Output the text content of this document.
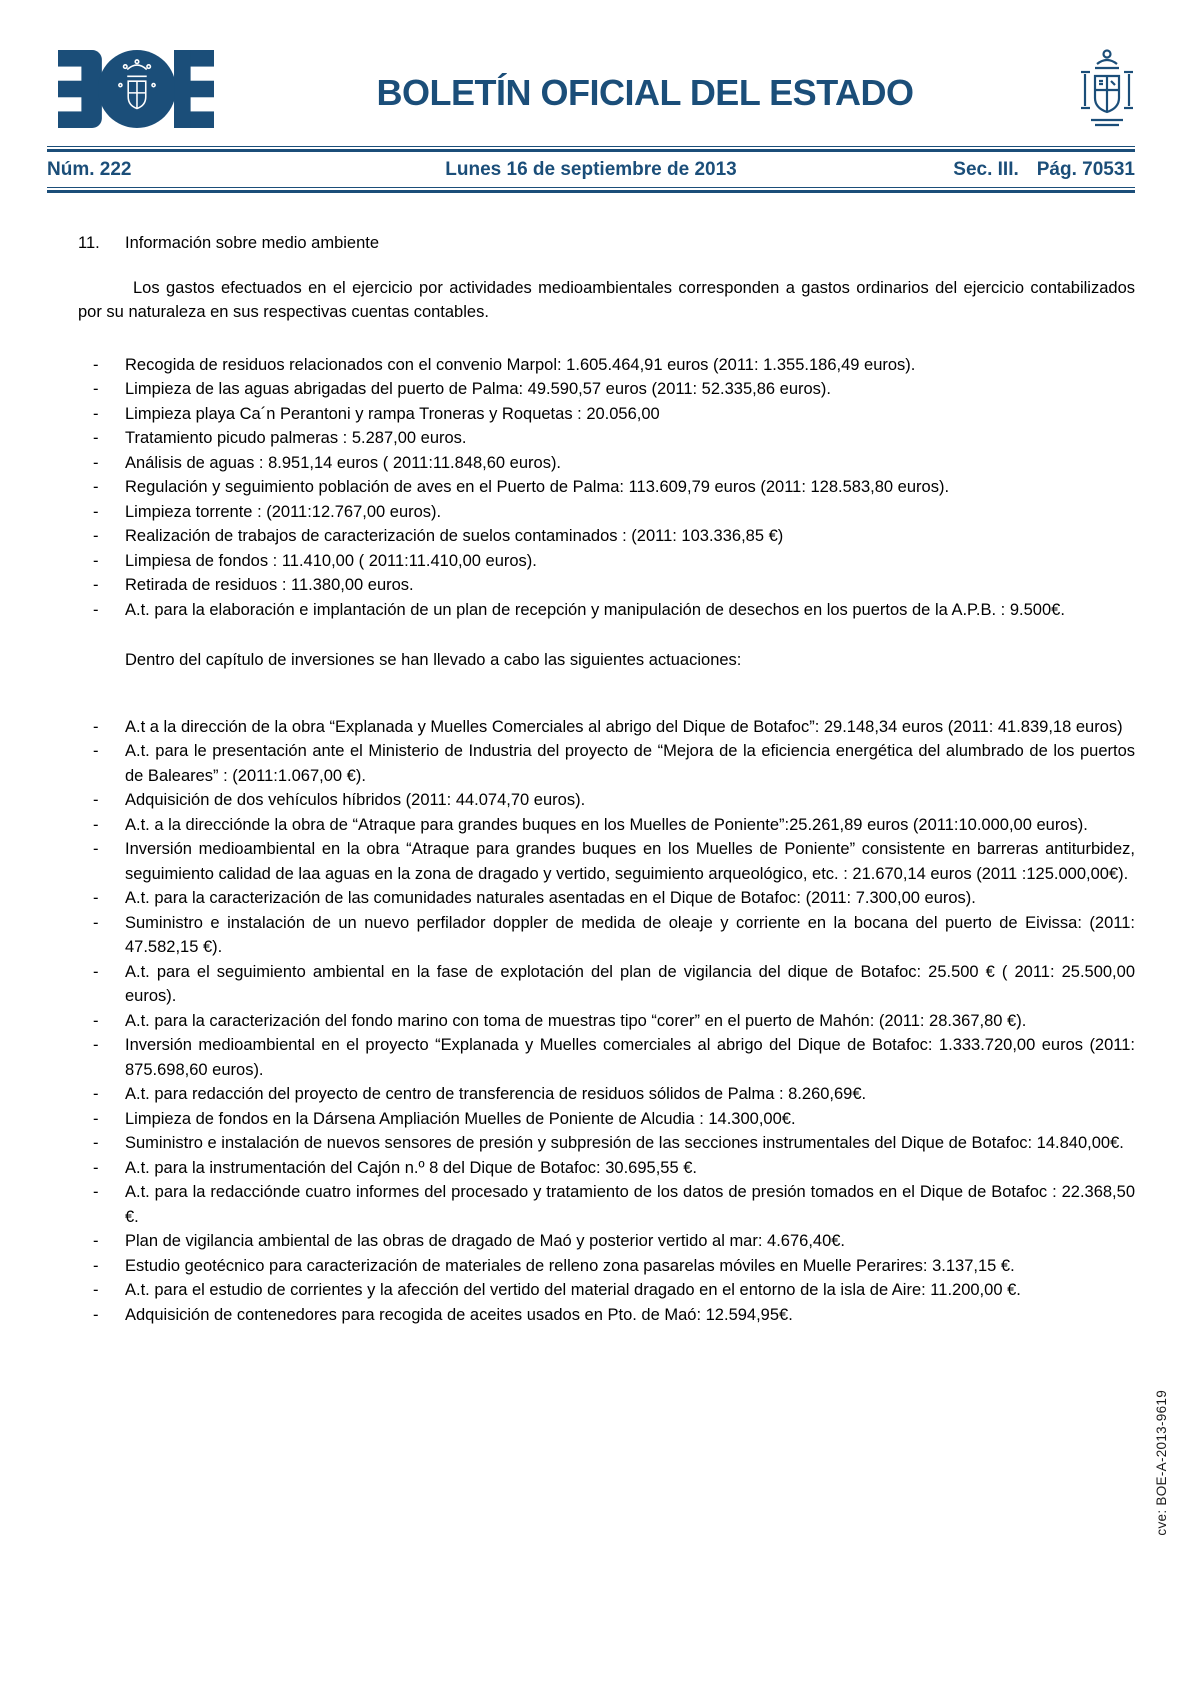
BOLETÍN OFICIAL DEL ESTADO
Núm. 222	Lunes 16 de septiembre de 2013	Sec. III. Pág. 70531
11.	Información sobre medio ambiente
Los gastos efectuados en el ejercicio por actividades medioambientales corresponden a gastos ordinarios del ejercicio contabilizados por su naturaleza en sus respectivas cuentas contables.
-	Recogida de residuos relacionados con el convenio Marpol: 1.605.464,91 euros (2011: 1.355.186,49 euros).
-	Limpieza de las aguas abrigadas del puerto de Palma: 49.590,57 euros (2011: 52.335,86 euros).
-	Limpieza playa Ca´n Perantoni y rampa Troneras y Roquetas : 20.056,00
-	Tratamiento picudo palmeras : 5.287,00 euros.
-	Análisis de aguas : 8.951,14 euros ( 2011:11.848,60 euros).
-	Regulación y seguimiento población de aves en el Puerto de Palma: 113.609,79 euros (2011: 128.583,80 euros).
-	Limpieza torrente : (2011:12.767,00 euros).
-	Realización de trabajos de caracterización de suelos contaminados : (2011: 103.336,85 €)
-	Limpiesa de fondos : 11.410,00 ( 2011:11.410,00 euros).
-	Retirada de residuos : 11.380,00 euros.
-	A.t. para la elaboración e implantación de un plan de recepción y manipulación de desechos en los puertos de la A.P.B. : 9.500€.
Dentro del capítulo de inversiones se han llevado a cabo las siguientes actuaciones:
-	A.t a la dirección de la obra “Explanada y Muelles Comerciales al abrigo del Dique de Botafoc”: 29.148,34 euros (2011: 41.839,18 euros)
-	A.t. para le presentación ante el Ministerio de Industria del proyecto de “Mejora de la eficiencia energética del alumbrado de los puertos de Baleares” : (2011:1.067,00 €).
-	Adquisición de dos vehículos híbridos (2011: 44.074,70 euros).
-	A.t. a la direcciónde la obra de “Atraque para grandes buques en los Muelles de Poniente”:25.261,89 euros (2011:10.000,00 euros).
-	Inversión medioambiental en la obra “Atraque para grandes buques en los Muelles de Poniente” consistente en barreras antiturbidez, seguimiento calidad de laa aguas en la zona de dragado y vertido, seguimiento arqueológico, etc. : 21.670,14 euros (2011 :125.000,00€).
-	A.t. para la caracterización de las comunidades naturales asentadas en el Dique de Botafoc: (2011: 7.300,00 euros).
-	Suministro e instalación de un nuevo perfilador doppler de medida de oleaje y corriente en la bocana del puerto de Eivissa: (2011: 47.582,15 €).
-	A.t. para el seguimiento ambiental en la fase de explotación del plan de vigilancia del dique de Botafoc: 25.500 € ( 2011: 25.500,00 euros).
-	A.t. para la caracterización del fondo marino con toma de muestras tipo “corer” en el puerto de Mahón: (2011: 28.367,80 €).
-	Inversión medioambiental en el proyecto “Explanada y Muelles comerciales al abrigo del Dique de Botafoc: 1.333.720,00 euros (2011: 875.698,60 euros).
-	A.t. para redacción del proyecto de centro de transferencia de residuos sólidos de Palma : 8.260,69€.
-	Limpieza de fondos en la Dársena Ampliación Muelles de Poniente de Alcudia : 14.300,00€.
-	Suministro e instalación de nuevos sensores de presión y subpresión de las secciones instrumentales del Dique de Botafoc: 14.840,00€.
-	A.t. para la instrumentación del Cajón n.º 8 del Dique de Botafoc: 30.695,55 €.
-	A.t. para la redacciónde cuatro informes del procesado y tratamiento de los datos de presión tomados en el Dique de Botafoc : 22.368,50 €.
-	Plan de vigilancia ambiental de las obras de dragado de Maó y posterior vertido al mar: 4.676,40€.
-	Estudio geotécnico para caracterización de materiales de relleno zona pasarelas móviles en Muelle Perarires: 3.137,15 €.
-	A.t. para el estudio de corrientes y la afección del vertido del material dragado en el entorno de la isla de Aire: 11.200,00 €.
-	Adquisición de contenedores para recogida de aceites usados en Pto. de Maó: 12.594,95€.
cve: BOE-A-2013-9619
